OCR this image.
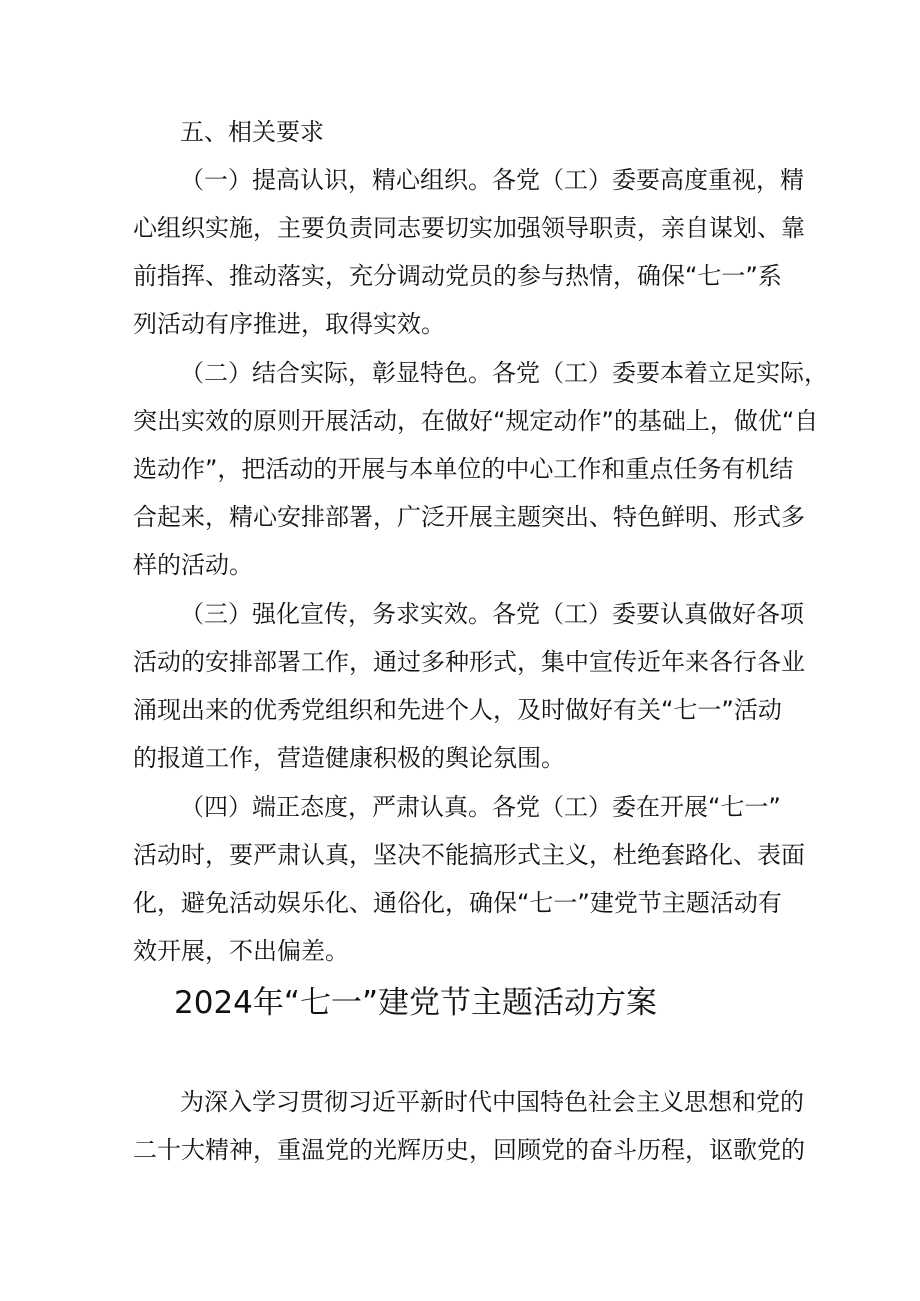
五、相关要求
（一）提高认识，精心组织。各党（工）委要高度重视，精
心组织实施，主要负责同志要切实加强领导职责，亲自谋划、靠
前指挥、推动落实，充分调动党员的参与热情，确保“七一”系
列活动有序推进，取得实效。
（二）结合实际，彰显特色。各党（工）委要本着立足实际，
突出实效的原则开展活动，在做好“规定动作”的基础上，做优“自
选动作”，把活动的开展与本单位的中心工作和重点任务有机结
合起来，精心安排部署，广泛开展主题突出、特色鲜明、形式多
样的活动。
（三）强化宣传，务求实效。各党（工）委要认真做好各项
活动的安排部署工作，通过多种形式，集中宣传近年来各行各业
涌现出来的优秀党组织和先进个人，及时做好有关“七一”活动
的报道工作，营造健康积极的舆论氛围。
（四）端正态度，严肃认真。各党（工）委在开展“七一”
活动时，要严肃认真，坚决不能搞形式主义，杜绝套路化、表面
化，避免活动娱乐化、通俗化，确保“七一”建党节主题活动有
效开展，不出偏差。
2024年“七一”建党节主题活动方案
为深入学习贯彻习近平新时代中国特色社会主义思想和党的
二十大精神，重温党的光辉历史，回顾党的奋斗历程，讴歌党的
